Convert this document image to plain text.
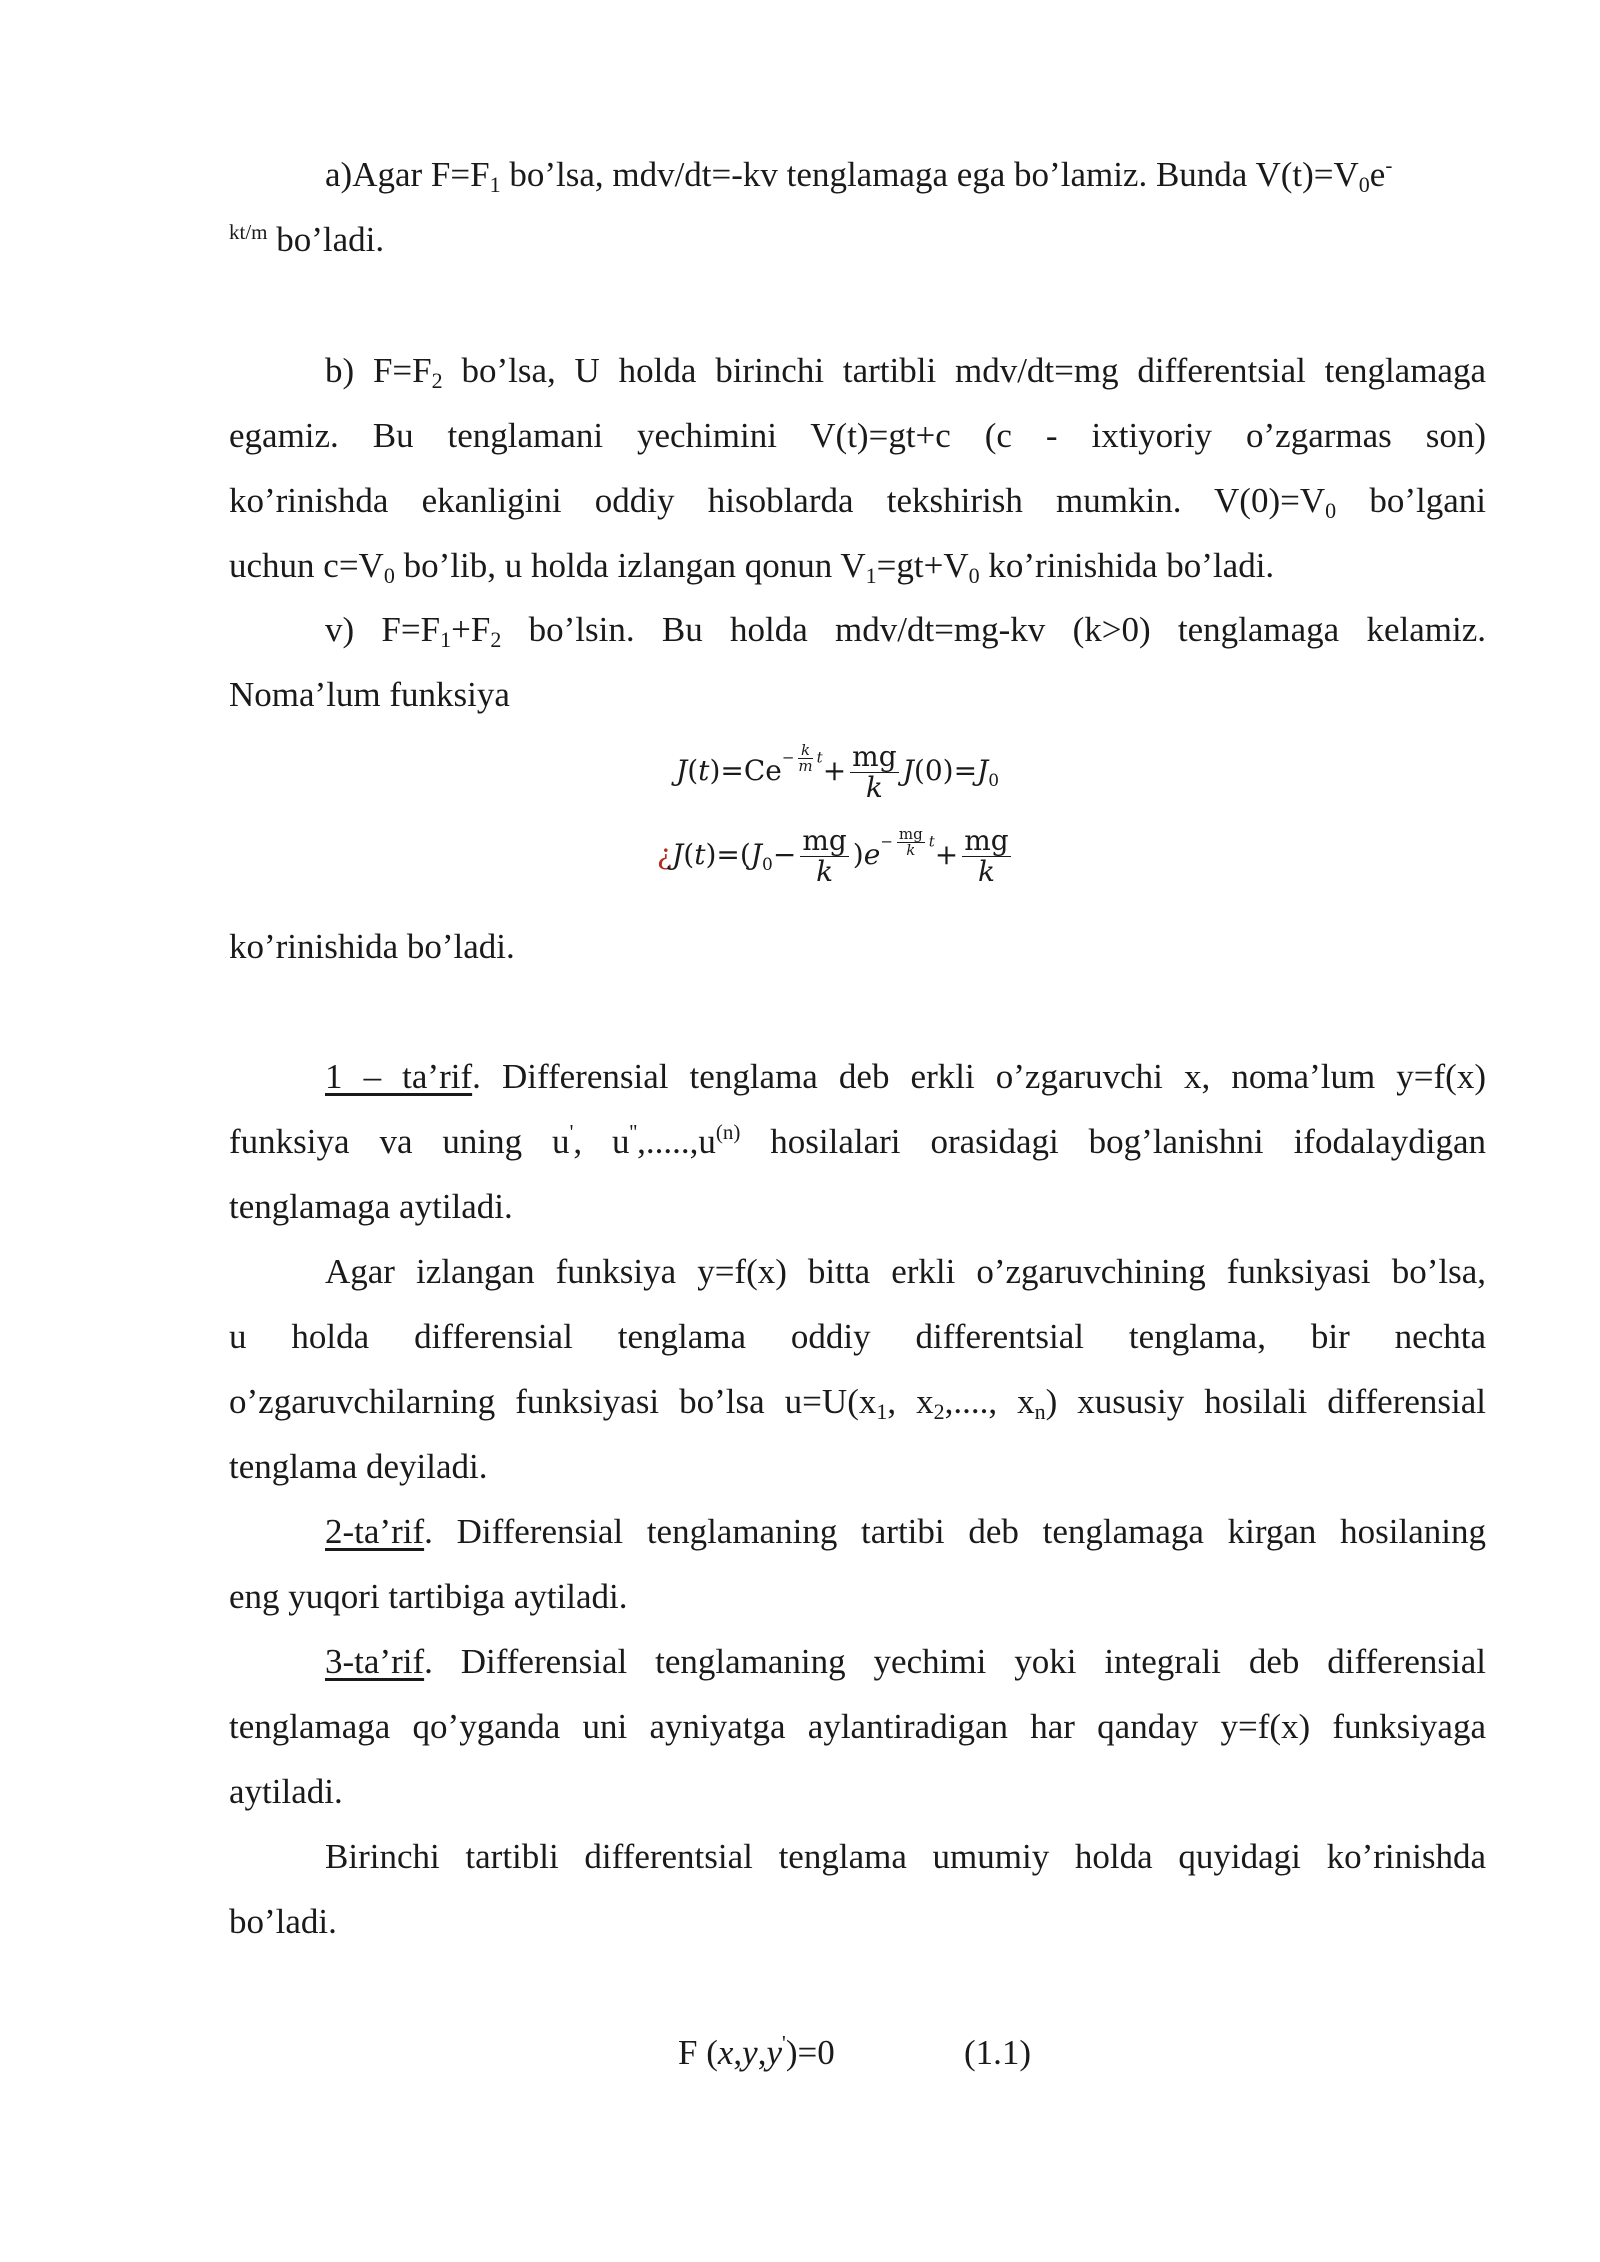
a)Agar $F=F_1$ bo’lsa, mdv/dt=-kv tenglamaga ega bo’lamiz. Bunda $V(t)=V_0e^-$
$^{kt/m}$ bo’ladi.
b) $F=F_2$ bo’lsa, U holda birinchi tartibli mdv/dt=mg differentsial tenglamaga
egamiz. Bu tenglamani yechimini V(t)=gt+c (c - ixtiyoriy o’zgarmas son)
ko’rinishda ekanligini oddiy hisoblarda tekshirish mumkin. $V(0)=V_0$ bo’lgani
uchun $c=V_0$ bo’lib, u holda izlangan qonun $V_1=gt+V_0$ ko’rinishida bo’ladi.
v) $F=F_1+F_2$ bo’lsin. Bu holda mdv/dt=mg-kv (k>0) tenglamaga kelamiz.
Noma’lum funksiya
$J(t)=Ce- \frac{k}{m} t+ \frac{mg}{k} J(0)=J_0$
¿$J(t)=(J_0- \frac{mg}{k} )e- \frac{mg}{k} t+ \frac{mg}{k}$
ko’rinishida bo’ladi.
1 – ta’rif. Differensial tenglama deb erkli o’zgaruvchi x, noma’lum y=f(x)
funksiya va uning u', $u'',.....,u^{(n)}$ hosilalari orasidagi bog’lanishni ifodalaydigan
tenglamaga aytiladi.
Agar izlangan funksiya y=f(x) bitta erkli o’zgaruvchining funksiyasi bo’lsa,
u holda differensial tenglama oddiy differentsial tenglama, bir nechta
o’zgaruvchilarning funksiyasi bo’lsa $u=U(x_1$, $x_2$,...., $x_n$) xususiy hosilali differensial
tenglama deyiladi.
2-ta’rif. Differensial tenglamaning tartibi deb tenglamaga kirgan hosilaning
eng yuqori tartibiga aytiladi.
3-ta’rif. Differensial tenglamaning yechimi yoki integrali deb differensial
tenglamaga qo’yganda uni ayniyatga aylantiradigan har qanday y=f(x) funksiyaga
aytiladi.
Birinchi tartibli differentsial tenglama umumiy holda quyidagi ko’rinishda
bo’ladi.
F (x,y,y')=0	(1.1)
